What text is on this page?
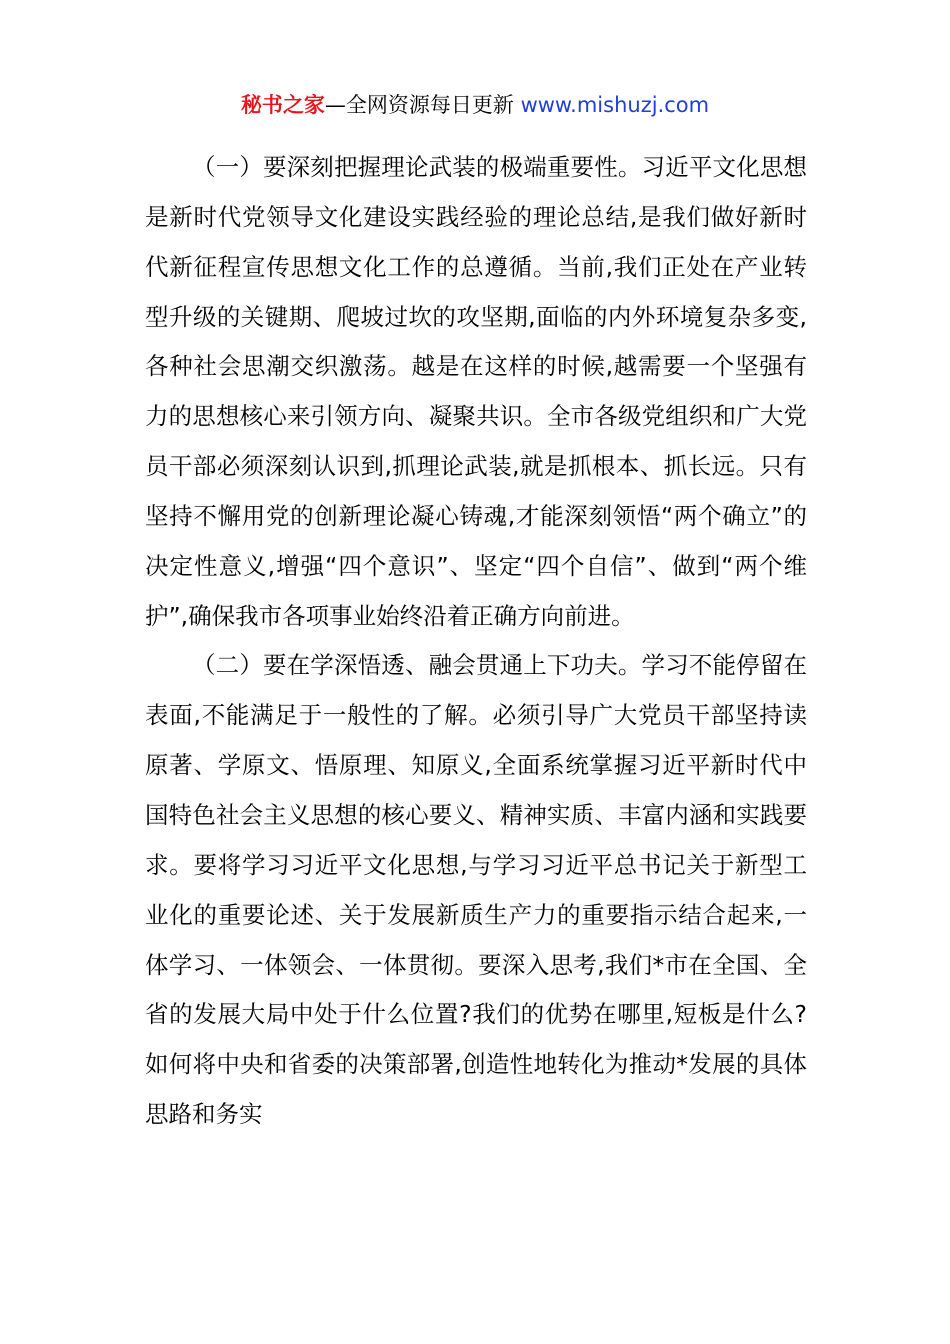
秘书之家—全网资源每日更新 www.mishuzj.com

（一）要深刻把握理论武装的极端重要性。习近平文化思想是新时代党领导文化建设实践经验的理论总结,是我们做好新时代新征程宣传思想文化工作的总遵循。当前,我们正处在产业转型升级的关键期、爬坡过坎的攻坚期,面临的内外环境复杂多变,各种社会思潮交织激荡。越是在这样的时候,越需要一个坚强有力的思想核心来引领方向、凝聚共识。全市各级党组织和广大党员干部必须深刻认识到,抓理论武装,就是抓根本、抓长远。只有坚持不懈用党的创新理论凝心铸魂,才能深刻领悟“两个确立”的决定性意义,增强“四个意识”、坚定“四个自信”、做到“两个维护”,确保我市各项事业始终沿着正确方向前进。

（二）要在学深悟透、融会贯通上下功夫。学习不能停留在表面,不能满足于一般性的了解。必须引导广大党员干部坚持读原著、学原文、悟原理、知原义,全面系统掌握习近平新时代中国特色社会主义思想的核心要义、精神实质、丰富内涵和实践要求。要将学习习近平文化思想,与学习习近平总书记关于新型工业化的重要论述、关于发展新质生产力的重要指示结合起来,一体学习、一体领会、一体贯彻。要深入思考,我们*市在全国、全省的发展大局中处于什么位置?我们的优势在哪里,短板是什么?如何将中央和省委的决策部署,创造性地转化为推动*发展的具体思路和务实
